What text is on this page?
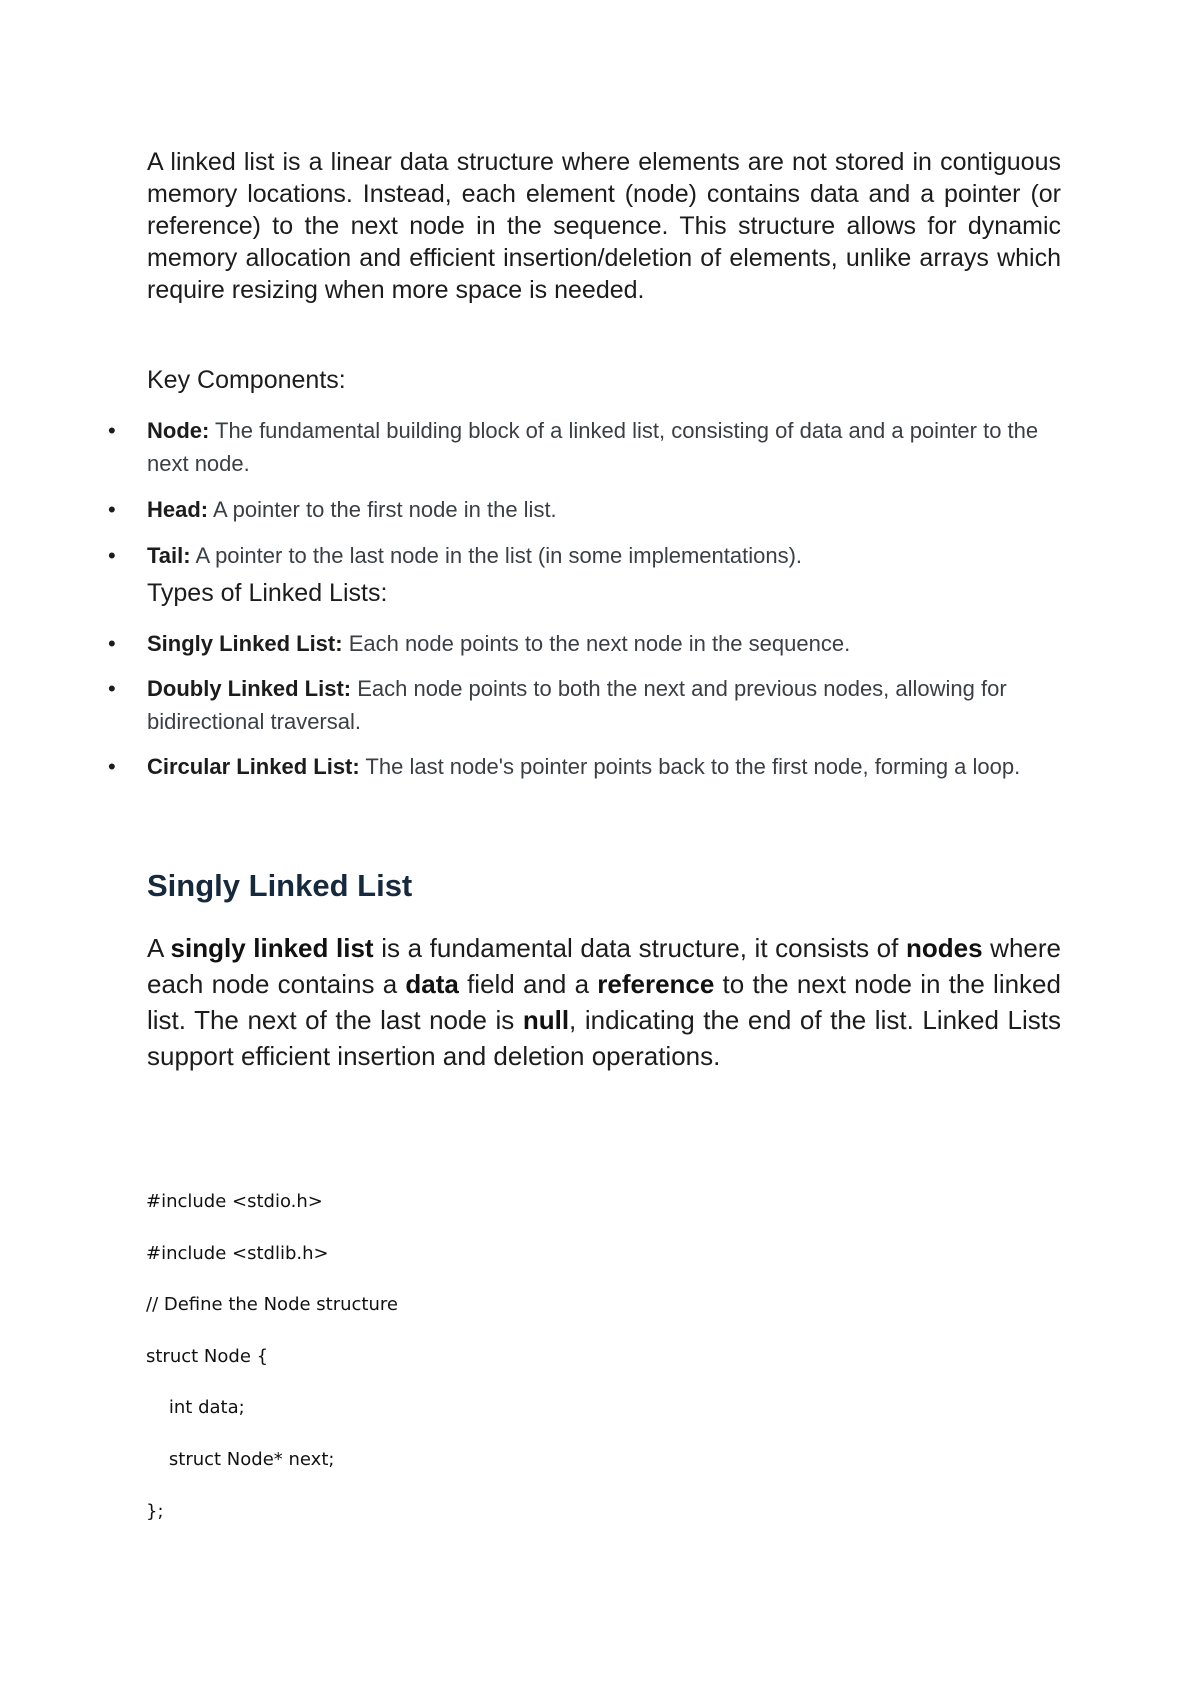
A linked list is a linear data structure where elements are not stored in contiguous memory locations. Instead, each element (node) contains data and a pointer (or reference) to the next node in the sequence. This structure allows for dynamic memory allocation and efficient insertion/deletion of elements, unlike arrays which require resizing when more space is needed.

Key Components:
• Node: The fundamental building block of a linked list, consisting of data and a pointer to the next node.
• Head: A pointer to the first node in the list.
• Tail: A pointer to the last node in the list (in some implementations).
Types of Linked Lists:
• Singly Linked List: Each node points to the next node in the sequence.
• Doubly Linked List: Each node points to both the next and previous nodes, allowing for bidirectional traversal.
• Circular Linked List: The last node's pointer points back to the first node, forming a loop.
Singly Linked List

A singly linked list is a fundamental data structure, it consists of nodes where each node contains a data field and a reference to the next node in the linked list. The next of the last node is null, indicating the end of the list. Linked Lists support efficient insertion and deletion operations.

#include <stdio.h>
#include <stdlib.h>
// Define the Node structure
struct Node {
int data;
struct Node* next;
};
